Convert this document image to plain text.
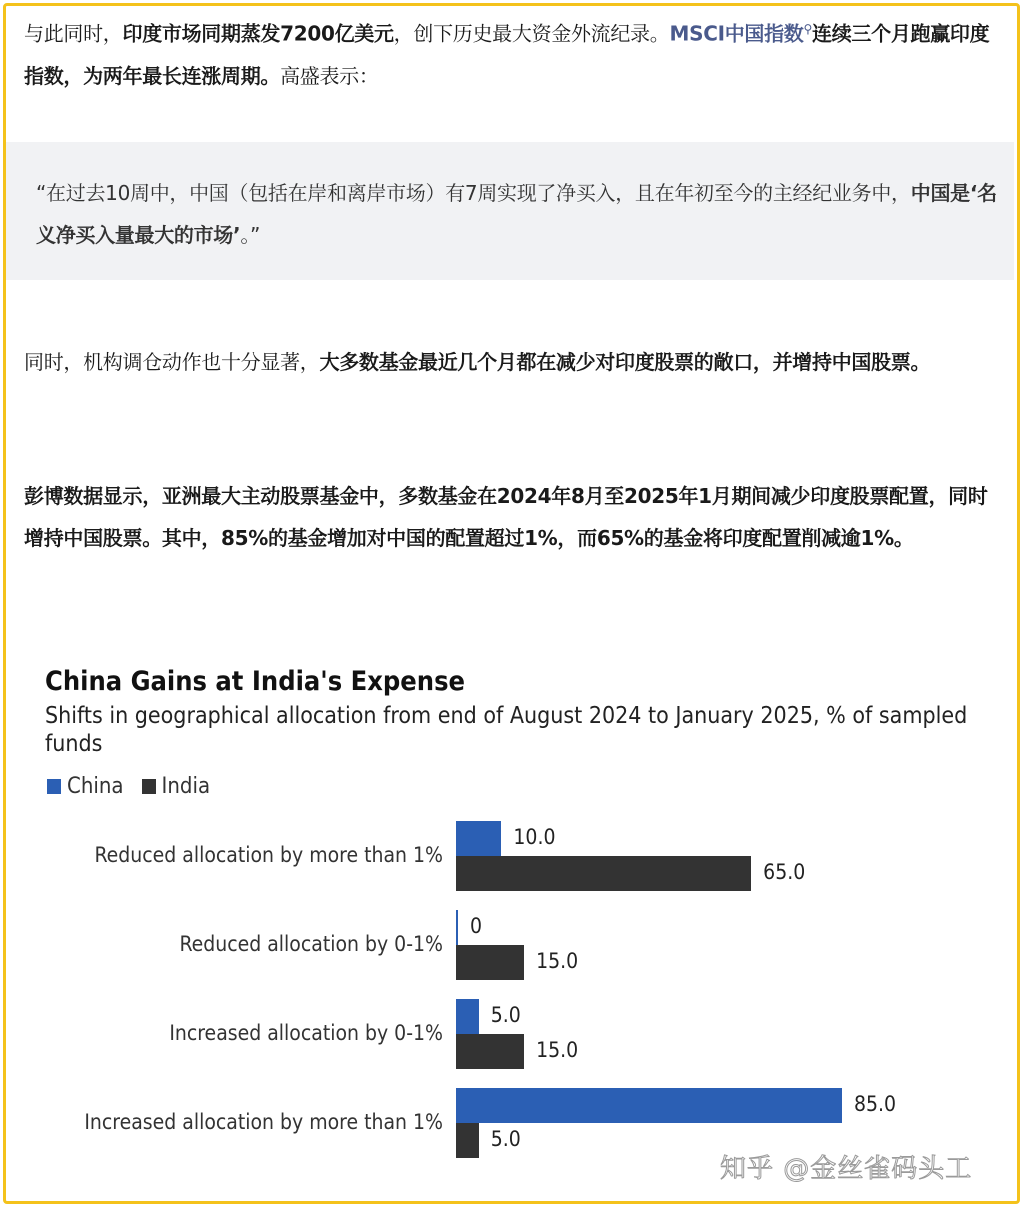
与此同时，印度市场同期蒸发7200亿美元，创下历史最大资金外流纪录。MSCI中国指数⚲连续三个月跑赢印度指数，为两年最长连涨周期。高盛表示：
“在过去10周中，中国（包括在岸和离岸市场）有7周实现了净买入，且在年初至今的主经纪业务中，中国是‘名义净买入量最大的市场’。”
同时，机构调仓动作也十分显著，大多数基金最近几个月都在减少对印度股票的敞口，并增持中国股票。
彭博数据显示，亚洲最大主动股票基金中，多数基金在2024年8月至2025年1月期间减少印度股票配置，同时增持中国股票。其中，85%的基金增加对中国的配置超过1%，而65%的基金将印度配置削减逾1%。
China Gains at India's Expense
Shifts in geographical allocation from end of August 2024 to January 2025, % of sampled funds
China	India
Reduced allocation by more than 1%
10.0
65.0
Reduced allocation by 0-1%
0
15.0
Increased allocation by 0-1%
5.0
15.0
Increased allocation by more than 1%
85.0
5.0
知乎 @金丝雀码头工
